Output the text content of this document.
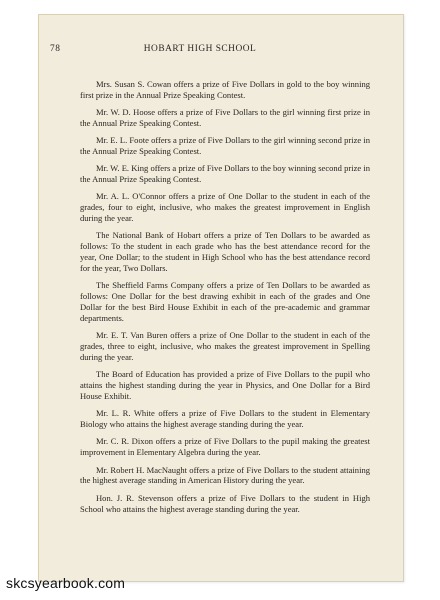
78	HOBART HIGH SCHOOL

Mrs. Susan S. Cowan offers a prize of Five Dollars in gold to the boy winning first prize in the Annual Prize Speaking Contest.

Mr. W. D. Hoose offers a prize of Five Dollars to the girl winning first prize in the Annual Prize Speaking Contest.

Mr. E. L. Foote offers a prize of Five Dollars to the girl winning second prize in the Annual Prize Speaking Contest.

Mr. W. E. King offers a prize of Five Dollars to the boy winning second prize in the Annual Prize Speaking Contest.

Mr. A. L. O'Connor offers a prize of One Dollar to the student in each of the grades, four to eight, inclusive, who makes the greatest improvement in English during the year.

The National Bank of Hobart offers a prize of Ten Dollars to be awarded as follows: To the student in each grade who has the best attendance record for the year, One Dollar; to the student in High School who has the best attendance record for the year, Two Dollars.

The Sheffield Farms Company offers a prize of Ten Dollars to be awarded as follows: One Dollar for the best drawing exhibit in each of the grades and One Dollar for the best Bird House Exhibit in each of the pre-academic and grammar departments.

Mr. E. T. Van Buren offers a prize of One Dollar to the student in each of the grades, three to eight, inclusive, who makes the greatest improvement in Spelling during the year.

The Board of Education has provided a prize of Five Dollars to the pupil who attains the highest standing during the year in Physics, and One Dollar for a Bird House Exhibit.

Mr. L. R. White offers a prize of Five Dollars to the student in Elementary Biology who attains the highest average standing during the year.

Mr. C. R. Dixon offers a prize of Five Dollars to the pupil making the greatest improvement in Elementary Algebra during the year.

Mr. Robert H. MacNaught offers a prize of Five Dollars to the student attaining the highest average standing in American History during the year.

Hon. J. R. Stevenson offers a prize of Five Dollars to the student in High School who attains the highest average standing during the year.

skcsyearbook.com
